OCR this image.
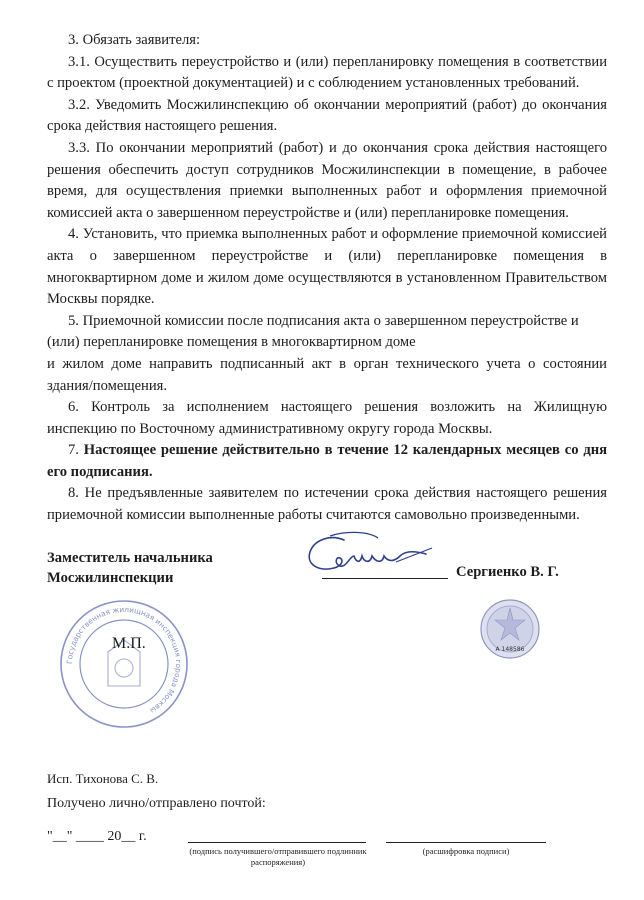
3. Обязать заявителя:

3.1. Осуществить переустройство и (или) перепланировку помещения в соответствии с проектом (проектной документацией) и с соблюдением установленных требований.

3.2. Уведомить Мосжилинспекцию об окончании мероприятий (работ) до окончания срока действия настоящего решения.

3.3. По окончании мероприятий (работ) и до окончания срока действия настоящего решения обеспечить доступ сотрудников Мосжилинспекции в помещение, в рабочее время, для осуществления приемки выполненных работ и оформления приемочной комиссией акта о завершенном переустройстве и (или) перепланировке помещения.

4. Установить, что приемка выполненных работ и оформление приемочной комиссией акта о завершенном переустройстве и (или) перепланировке помещения в многоквартирном доме и жилом доме осуществляются в установленном Правительством Москвы порядке.

5. Приемочной комиссии после подписания акта о завершенном переустройстве и (или) перепланировке помещения в многоквартирном доме

и жилом доме направить подписанный акт в орган технического учета о состоянии здания/помещения.

6. Контроль за исполнением настоящего решения возложить на Жилищную инспекцию по Восточному административному округу города Москвы.

7. Настоящее решение действительно в течение 12 календарных месяцев со дня его подписания.

8. Не предъявленные заявителем по истечении срока действия настоящего решения приемочной комиссии выполненные работы считаются самовольно произведенными.

Заместитель начальника
Мосжилинспекции	Сергиенко В. Г.
Государственная жилищная инспекция города Москвы
М.П.	А 148586
Исп. Тихонова С. В.
Получено лично/отправлено почтой:
"__" ____ 20__ г.
(подпись получившего/отправившего подлинник распоряжения)
(расшифровка подписи)
